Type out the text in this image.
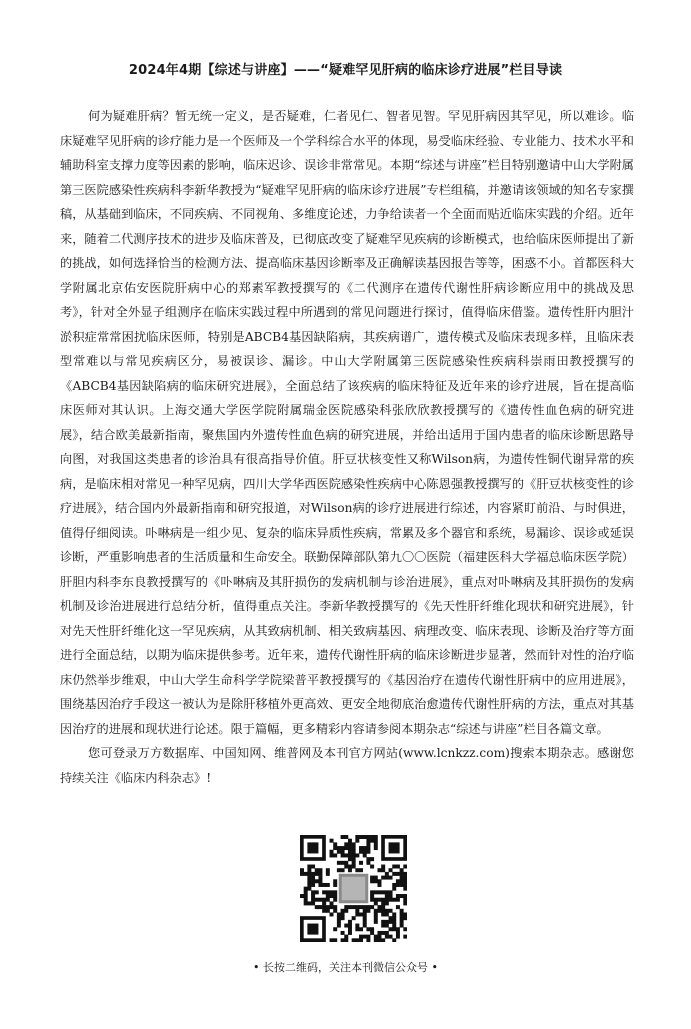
2024年4期【综述与讲座】——“疑难罕见肝病的临床诊疗进展”栏目导读

何为疑难肝病？暂无统一定义，是否疑难，仁者见仁、智者见智。罕见肝病因其罕见，所以难诊。临床疑难罕见肝病的诊疗能力是一个医师及一个学科综合水平的体现，易受临床经验、专业能力、技术水平和辅助科室支撑力度等因素的影响，临床迟诊、误诊非常常见。本期“综述与讲座”栏目特别邀请中山大学附属第三医院感染性疾病科李新华教授为“疑难罕见肝病的临床诊疗进展”专栏组稿，并邀请该领域的知名专家撰稿，从基础到临床，不同疾病、不同视角、多维度论述，力争给读者一个全面而贴近临床实践的介绍。近年来，随着二代测序技术的进步及临床普及，已彻底改变了疑难罕见疾病的诊断模式，也给临床医师提出了新的挑战，如何选择恰当的检测方法、提高临床基因诊断率及正确解读基因报告等等，困惑不小。首都医科大学附属北京佑安医院肝病中心的郑素军教授撰写的《二代测序在遗传代谢性肝病诊断应用中的挑战及思考》，针对全外显子组测序在临床实践过程中所遇到的常见问题进行探讨，值得临床借鉴。遗传性肝内胆汁淤积症常常困扰临床医师，特别是ABCB4基因缺陷病，其疾病谱广，遗传模式及临床表现多样，且临床表型常难以与常见疾病区分，易被误诊、漏诊。中山大学附属第三医院感染性疾病科崇雨田教授撰写的《ABCB4基因缺陷病的临床研究进展》，全面总结了该疾病的临床特征及近年来的诊疗进展，旨在提高临床医师对其认识。上海交通大学医学院附属瑞金医院感染科张欣欣教授撰写的《遗传性血色病的研究进展》，结合欧美最新指南，聚焦国内外遗传性血色病的研究进展，并给出适用于国内患者的临床诊断思路导向图，对我国这类患者的诊治具有很高指导价值。肝豆状核变性又称Wilson病，为遗传性铜代谢异常的疾病，是临床相对常见一种罕见病，四川大学华西医院感染性疾病中心陈恩强教授撰写的《肝豆状核变性的诊疗进展》，结合国内外最新指南和研究报道，对Wilson病的诊疗进展进行综述，内容紧盯前沿、与时俱进，值得仔细阅读。卟啉病是一组少见、复杂的临床异质性疾病，常累及多个器官和系统，易漏诊、误诊或延误诊断，严重影响患者的生活质量和生命安全。联勤保障部队第九〇〇医院（福建医科大学福总临床医学院）肝胆内科李东良教授撰写的《卟啉病及其肝损伤的发病机制与诊治进展》，重点对卟啉病及其肝损伤的发病机制及诊治进展进行总结分析，值得重点关注。李新华教授撰写的《先天性肝纤维化现状和研究进展》，针对先天性肝纤维化这一罕见疾病，从其致病机制、相关致病基因、病理改变、临床表现、诊断及治疗等方面进行全面总结，以期为临床提供参考。近年来，遗传代谢性肝病的临床诊断进步显著，然而针对性的治疗临床仍然举步维艰，中山大学生命科学学院梁普平教授撰写的《基因治疗在遗传代谢性肝病中的应用进展》，围绕基因治疗手段这一被认为是除肝移植外更高效、更安全地彻底治愈遗传代谢性肝病的方法，重点对其基因治疗的进展和现状进行论述。限于篇幅，更多精彩内容请参阅本期杂志“综述与讲座”栏目各篇文章。

您可登录万方数据库、中国知网、维普网及本刊官方网站(www.lcnkzz.com)搜索本期杂志。感谢您持续关注《临床内科杂志》!

• 长按二维码，关注本刊微信公众号 •
